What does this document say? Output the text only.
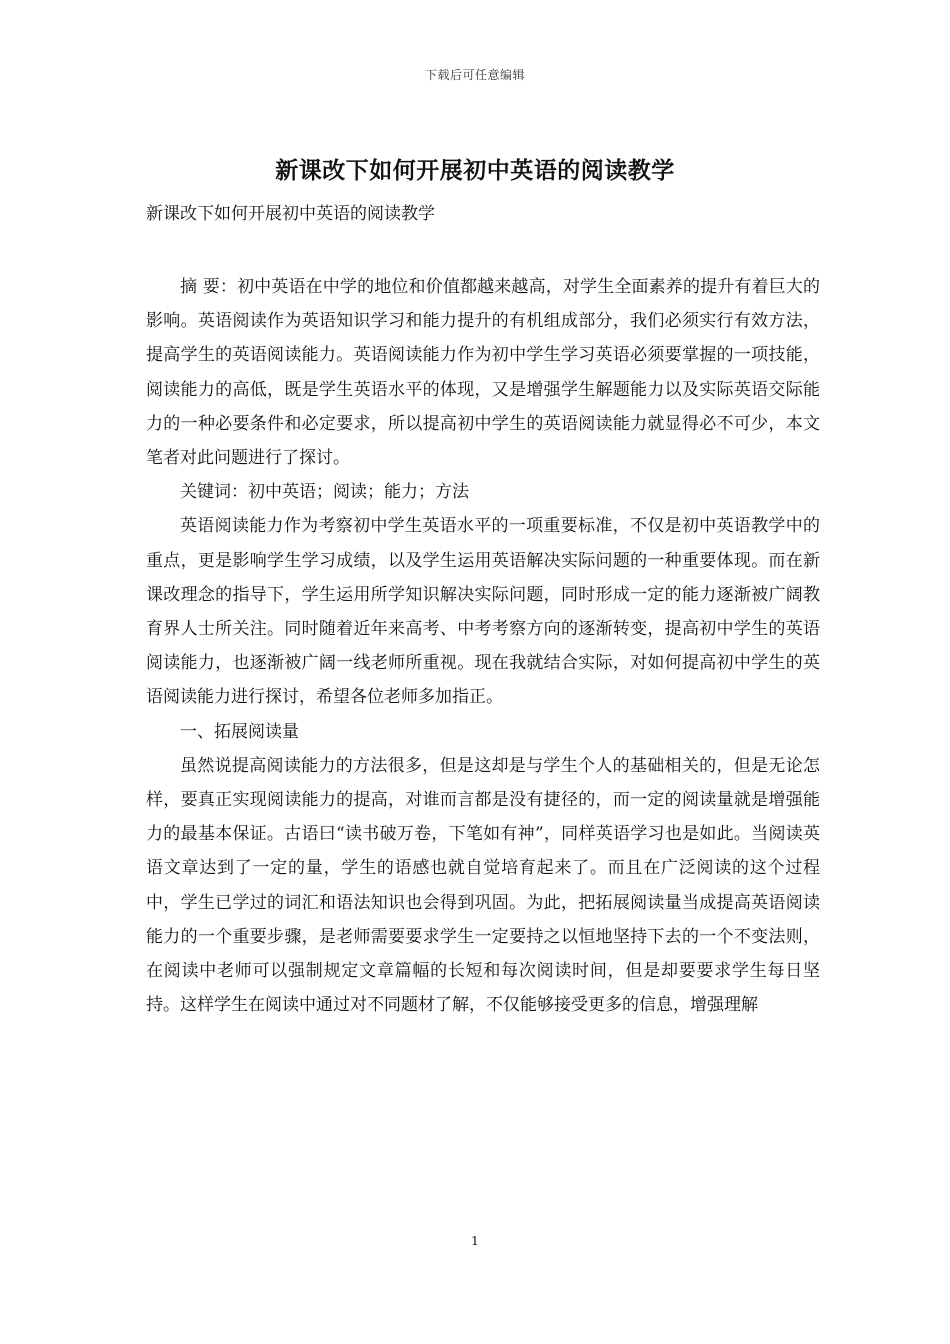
下载后可任意编辑
新课改下如何开展初中英语的阅读教学
新课改下如何开展初中英语的阅读教学

摘 要：初中英语在中学的地位和价值都越来越高，对学生全面素养的提升有着巨大的影响。英语阅读作为英语知识学习和能力提升的有机组成部分，我们必须实行有效方法，提高学生的英语阅读能力。英语阅读能力作为初中学生学习英语必须要掌握的一项技能，阅读能力的高低，既是学生英语水平的体现，又是增强学生解题能力以及实际英语交际能力的一种必要条件和必定要求，所以提高初中学生的英语阅读能力就显得必不可少，本文笔者对此问题进行了探讨。

关键词：初中英语；阅读；能力；方法

英语阅读能力作为考察初中学生英语水平的一项重要标准，不仅是初中英语教学中的重点，更是影响学生学习成绩，以及学生运用英语解决实际问题的一种重要体现。而在新课改理念的指导下，学生运用所学知识解决实际问题，同时形成一定的能力逐渐被广阔教育界人士所关注。同时随着近年来高考、中考考察方向的逐渐转变，提高初中学生的英语阅读能力，也逐渐被广阔一线老师所重视。现在我就结合实际，对如何提高初中学生的英语阅读能力进行探讨，希望各位老师多加指正。

一、拓展阅读量

虽然说提高阅读能力的方法很多，但是这却是与学生个人的基础相关的，但是无论怎样，要真正实现阅读能力的提高，对谁而言都是没有捷径的，而一定的阅读量就是增强能力的最基本保证。古语曰“读书破万卷，下笔如有神”，同样英语学习也是如此。当阅读英语文章达到了一定的量，学生的语感也就自觉培育起来了。而且在广泛阅读的这个过程中，学生已学过的词汇和语法知识也会得到巩固。为此，把拓展阅读量当成提高英语阅读能力的一个重要步骤，是老师需要要求学生一定要持之以恒地坚持下去的一个不变法则，在阅读中老师可以强制规定文章篇幅的长短和每次阅读时间，但是却要要求学生每日坚持。这样学生在阅读中通过对不同题材了解，不仅能够接受更多的信息，增强理解

1
